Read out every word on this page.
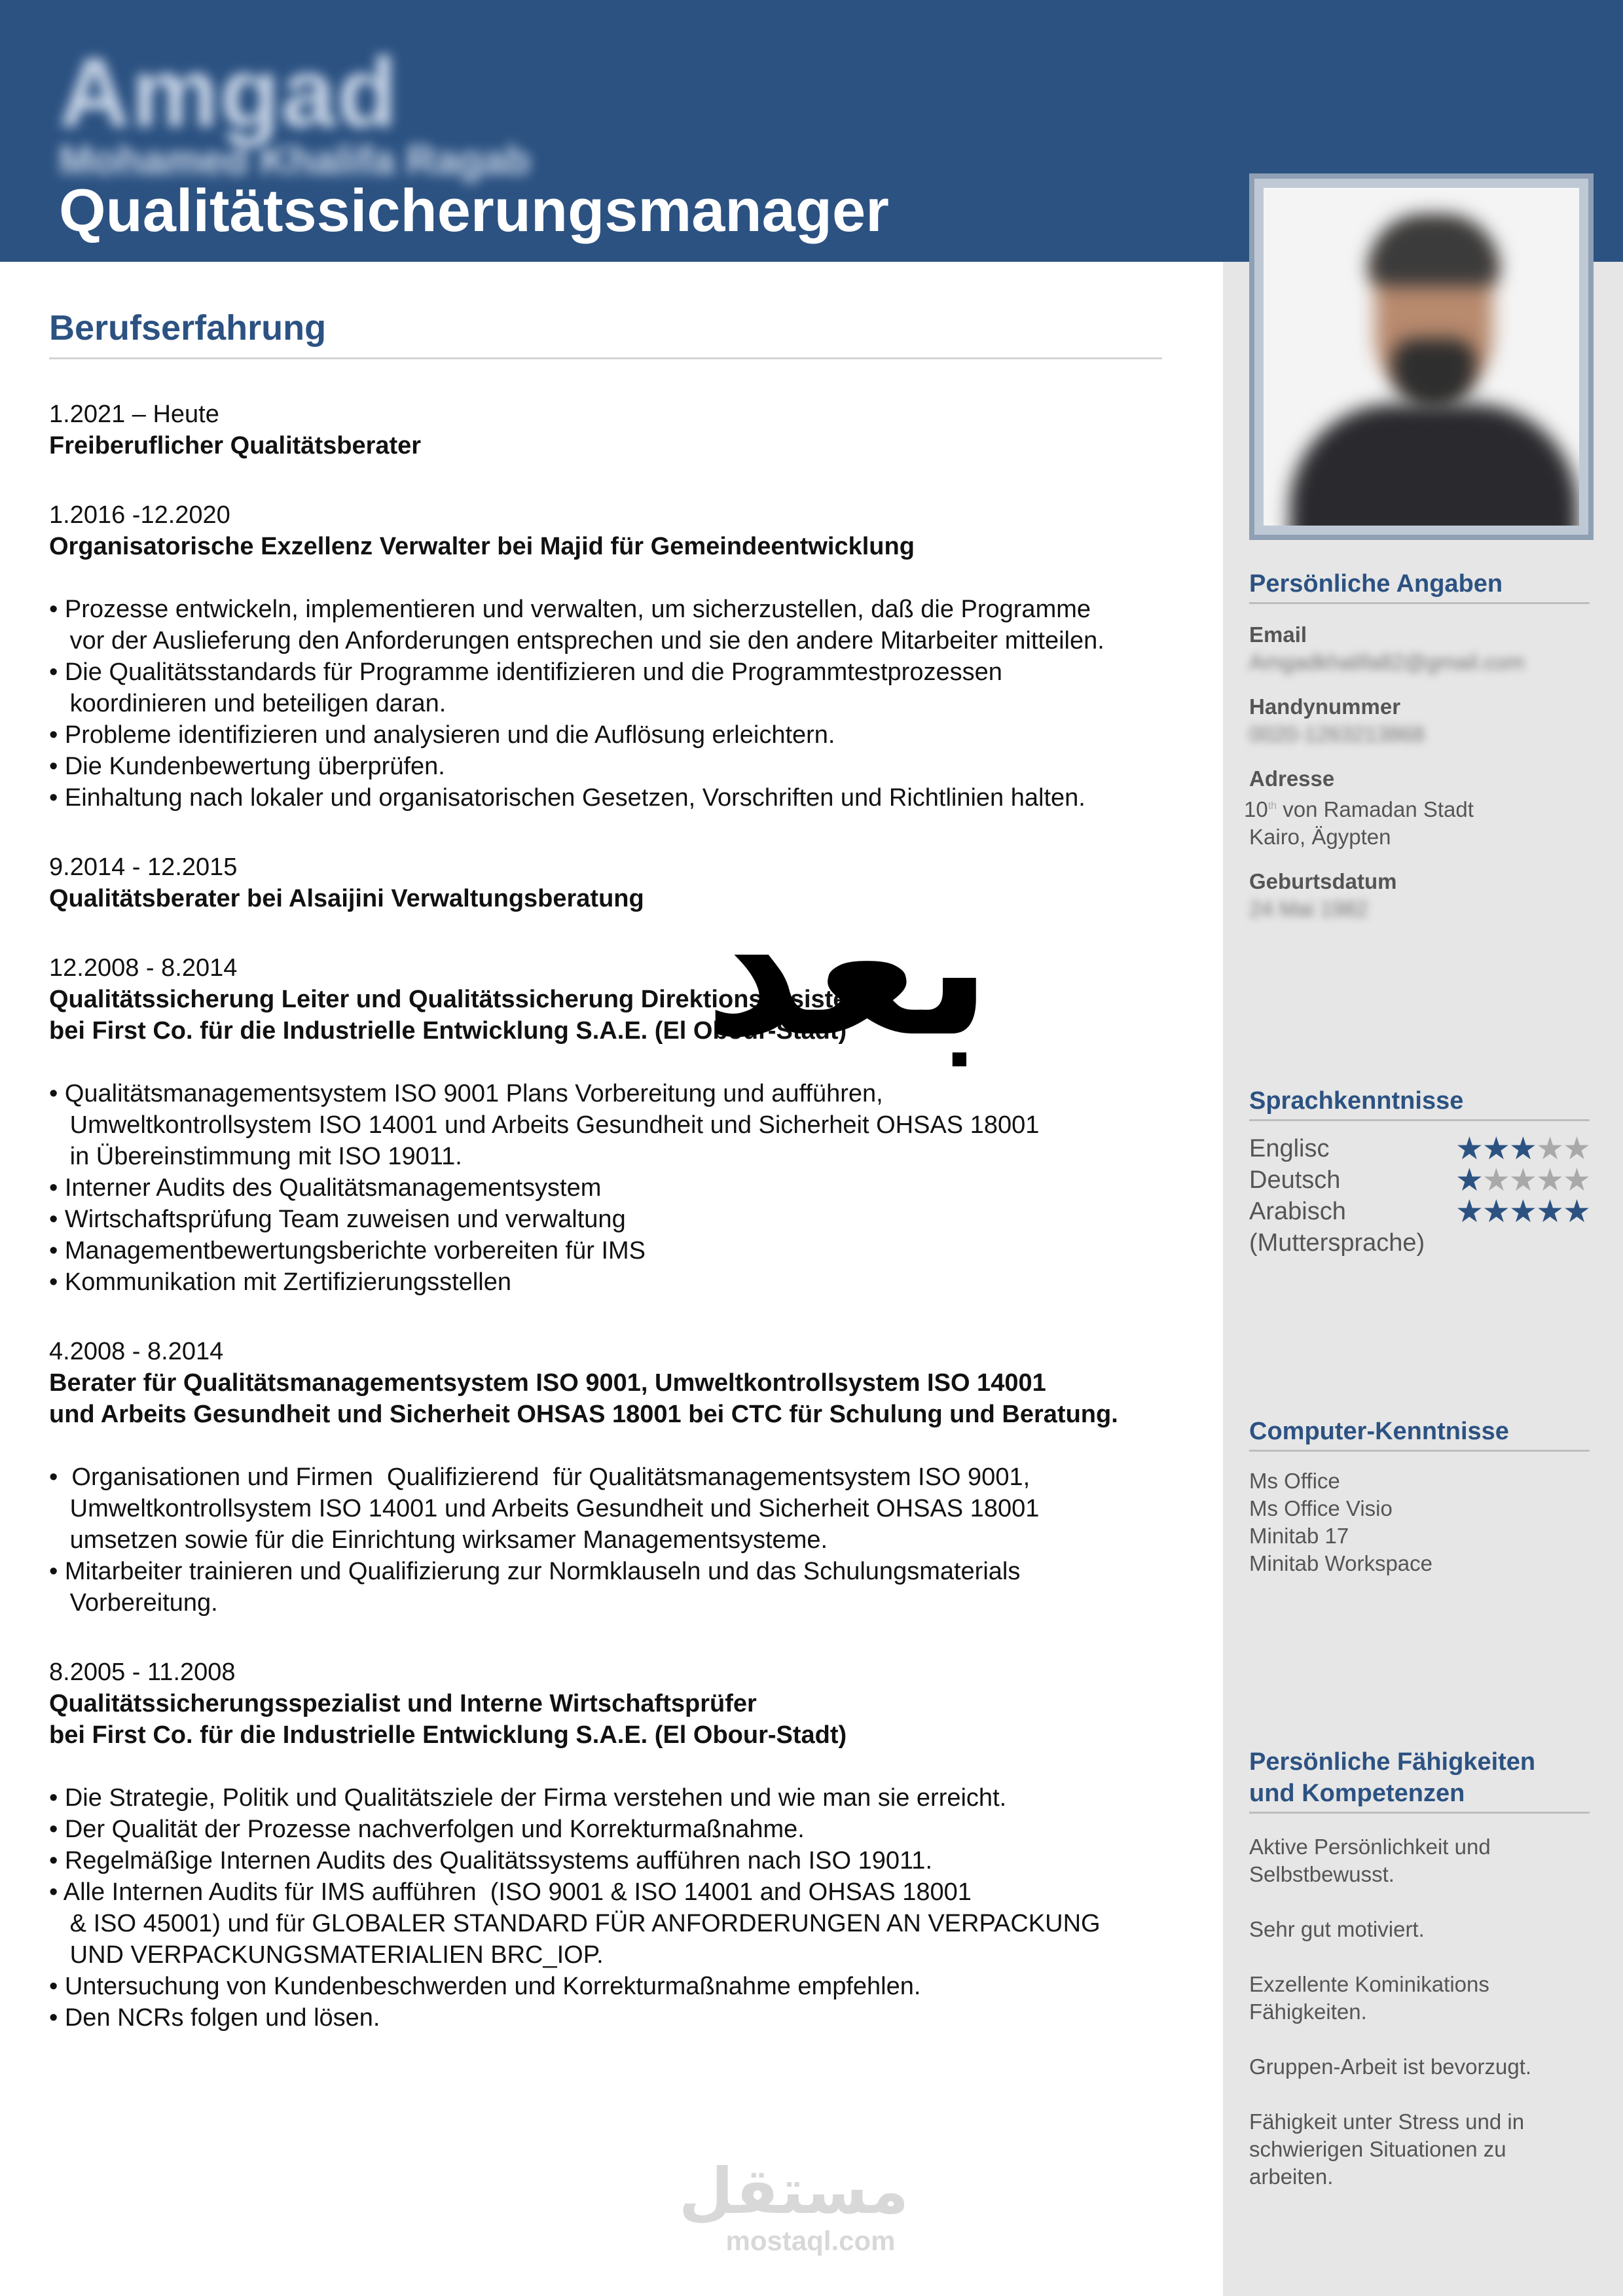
Amgad
Mohamed Khalifa Ragab
Qualitätssicherungsmanager
Berufserfahrung
1.2021 – Heute
Freiberuflicher Qualitätsberater
1.2016 -12.2020
Organisatorische Exzellenz Verwalter bei Majid für Gemeindeentwicklung
• Prozesse entwickeln, implementieren und verwalten, um sicherzustellen, daß die Programme
vor der Auslieferung den Anforderungen entsprechen und sie den andere Mitarbeiter mitteilen.
• Die Qualitätsstandards für Programme identifizieren und die Programmtestprozessen
koordinieren und beteiligen daran.
• Probleme identifizieren und analysieren und die Auflösung erleichtern.
• Die Kundenbewertung überprüfen.
• Einhaltung nach lokaler und organisatorischen Gesetzen, Vorschriften und Richtlinien halten.
9.2014 - 12.2015
Qualitätsberater bei Alsaijini Verwaltungsberatung
12.2008 - 8.2014
Qualitätssicherung Leiter und Qualitätssicherung Direktionsassistent
bei First Co. für die Industrielle Entwicklung S.A.E. (El Obour-Stadt)
• Qualitätsmanagementsystem ISO 9001 Plans Vorbereitung und aufführen,
Umweltkontrollsystem ISO 14001 und Arbeits Gesundheit und Sicherheit OHSAS 18001
in Übereinstimmung mit ISO 19011.
• Interner Audits des Qualitätsmanagementsystem
• Wirtschaftsprüfung Team zuweisen und verwaltung
• Managementbewertungsberichte vorbereiten für IMS
• Kommunikation mit Zertifizierungsstellen
4.2008 - 8.2014
Berater für Qualitätsmanagementsystem ISO 9001, Umweltkontrollsystem ISO 14001
und Arbeits Gesundheit und Sicherheit OHSAS 18001 bei CTC für Schulung und Beratung.
•  Organisationen und Firmen  Qualifizierend  für Qualitätsmanagementsystem ISO 9001,
Umweltkontrollsystem ISO 14001 und Arbeits Gesundheit und Sicherheit OHSAS 18001
umsetzen sowie für die Einrichtung wirksamer Managementsysteme.
• Mitarbeiter trainieren und Qualifizierung zur Normklauseln und das Schulungsmaterials
Vorbereitung.
8.2005 - 11.2008
Qualitätssicherungsspezialist und Interne Wirtschaftsprüfer
bei First Co. für die Industrielle Entwicklung S.A.E. (El Obour-Stadt)
• Die Strategie, Politik und Qualitätsziele der Firma verstehen und wie man sie erreicht.
• Der Qualität der Prozesse nachverfolgen und Korrekturmaßnahme.
• Regelmäßige Internen Audits des Qualitätssystems aufführen nach ISO 19011.
• Alle Internen Audits für IMS aufführen  (ISO 9001 & ISO 14001 and OHSAS 18001
& ISO 45001) und für GLOBALER STANDARD FÜR ANFORDERUNGEN AN VERPACKUNG
UND VERPACKUNGSMATERIALIEN BRC_IOP.
• Untersuchung von Kundenbeschwerden und Korrekturmaßnahme empfehlen.
• Den NCRs folgen und lösen.
Persönliche Angaben
Email
Amgadkhalifa82@gmail.com
Handynummer
0020-1263213868
Adresse
10th von Ramadan Stadt
Kairo, Ägypten
Geburtsdatum
24 Mai 1982
Sprachkenntnisse
Englisc	★★★★★
Deutsch	★★★★★
Arabisch	★★★★★
(Muttersprache)
Computer-Kenntnisse
Ms Office
Ms Office Visio
Minitab 17
Minitab Workspace
Persönliche Fähigkeiten
und Kompetenzen
Aktive Persönlichkeit und
Selbstbewusst.
Sehr gut motiviert.
Exzellente Kominikations
Fähigkeiten.
Gruppen-Arbeit ist bevorzugt.
Fähigkeit unter Stress und in
schwierigen Situationen zu
arbeiten.
بعد
مستقل
mostaql.com
